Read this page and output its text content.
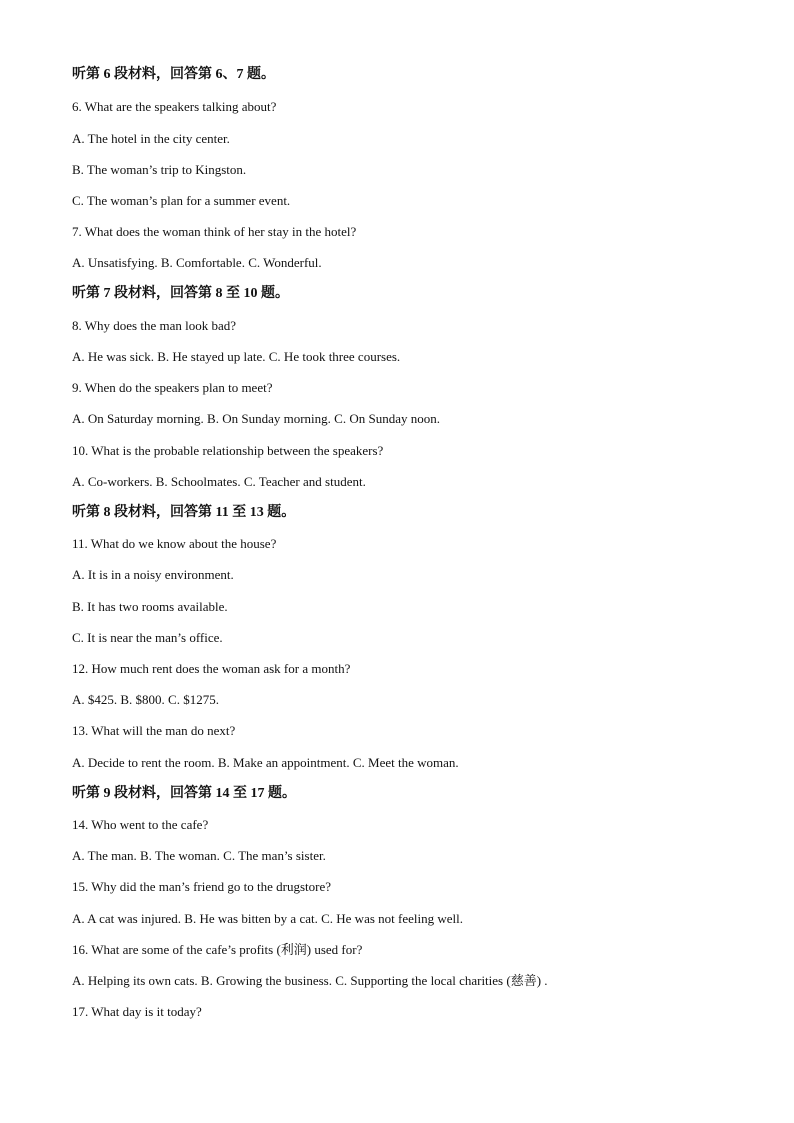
听第 6 段材料，回答第 6、7 题。
6. What are the speakers talking about?
A. The hotel in the city center.
B. The woman’s trip to Kingston.
C. The woman’s plan for a summer event.
7. What does the woman think of her stay in the hotel?
A. Unsatisfying. B. Comfortable. C. Wonderful.
听第 7 段材料，回答第 8 至 10 题。
8. Why does the man look bad?
A. He was sick. B. He stayed up late. C. He took three courses.
9. When do the speakers plan to meet?
A. On Saturday morning. B. On Sunday morning. C. On Sunday noon.
10. What is the probable relationship between the speakers?
A. Co-workers. B. Schoolmates. C. Teacher and student.
听第 8 段材料，回答第 11 至 13 题。
11. What do we know about the house?
A. It is in a noisy environment.
B. It has two rooms available.
C. It is near the man’s office.
12. How much rent does the woman ask for a month?
A. $425. B. $800. C. $1275.
13. What will the man do next?
A. Decide to rent the room. B. Make an appointment. C. Meet the woman.
听第 9 段材料，回答第 14 至 17 题。
14. Who went to the cafe?
A. The man. B. The woman. C. The man’s sister.
15. Why did the man’s friend go to the drugstore?
A. A cat was injured. B. He was bitten by a cat. C. He was not feeling well.
16. What are some of the cafe’s profits (利润) used for?
A. Helping its own cats. B. Growing the business. C. Supporting the local charities (慈善) .
17. What day is it today?
